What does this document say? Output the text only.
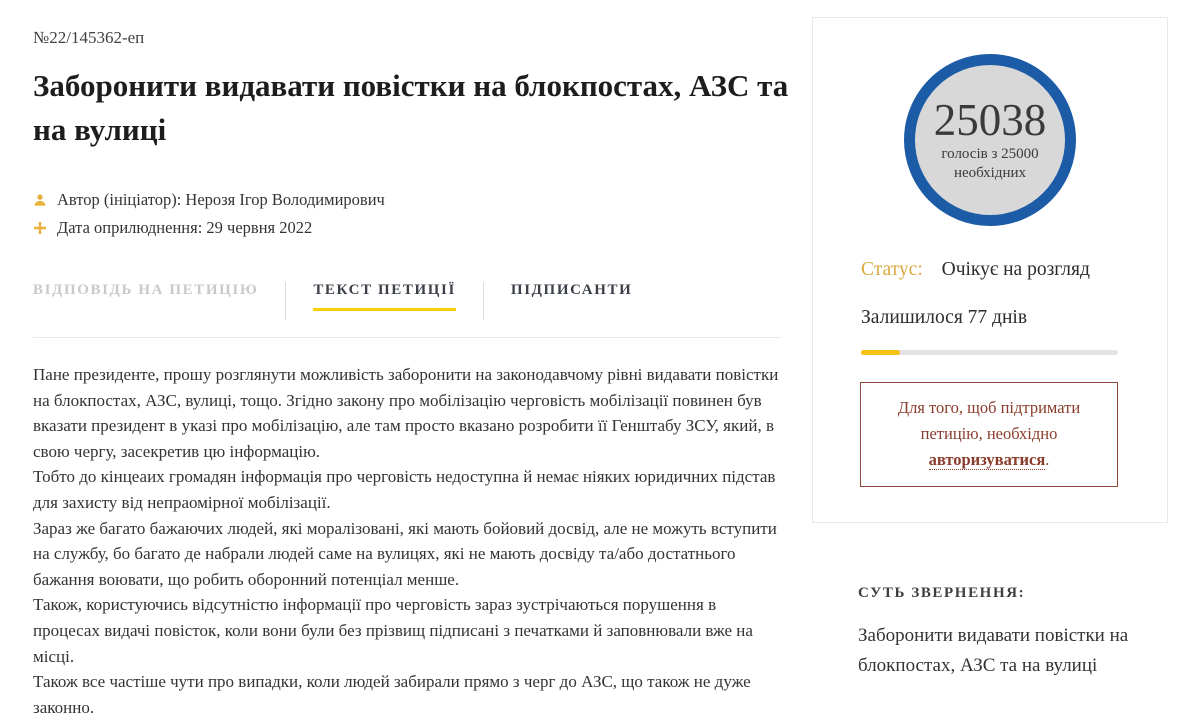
№22/145362-еп
Заборонити видавати повістки на блокпостах, АЗС та на вулиці
Автор (ініціатор): Нерозя Ігор Володимирович
Дата оприлюднення: 29 червня 2022
ВІДПОВІДЬ НА ПЕТИЦІЮ	ТЕКСТ ПЕТИЦІЇ	ПІДПИСАНТИ
Пане президенте, прошу розглянути можливість заборонити на законодавчому рівні видавати повістки на блокпостах, АЗС, вулиці, тощо. Згідно закону про мобілізацію черговість мобілізації повинен був вказати президент в указі про мобілізацію, але там просто вказано розробити її Генштабу ЗСУ, який, в свою чергу, засекретив цю інформацію.
Тобто до кінцеаих громадян інформація про черговість недоступна й немає ніяких юридичних підстав для захисту від непраомірної мобілізації.
Зараз же багато бажаючих людей, які моралізовані, які мають бойовий досвід, але не можуть вступити на службу, бо багато де набрали людей саме на вулицях, які не мають досвіду та/або достатнього бажання воювати, що робить оборонний потенціал менше.
Також, користуючись відсутністю інформації про черговість зараз зустрічаються порушення в процесах видачі повісток, коли вони були без прізвищ підписані з печатками й заповнювали вже на місці.
Також все частіше чути про випадки, коли людей забирали прямо з черг до АЗС, що також не дуже законно.
25038
голосів з 25000
необхідних
Статус: Очікує на розгляд
Залишилося 77 днів
Для того, щоб підтримати
петицію, необхідно
авторизуватися.
СУТЬ ЗВЕРНЕННЯ:
Заборонити видавати повістки на блокпостах, АЗС та на вулиці
